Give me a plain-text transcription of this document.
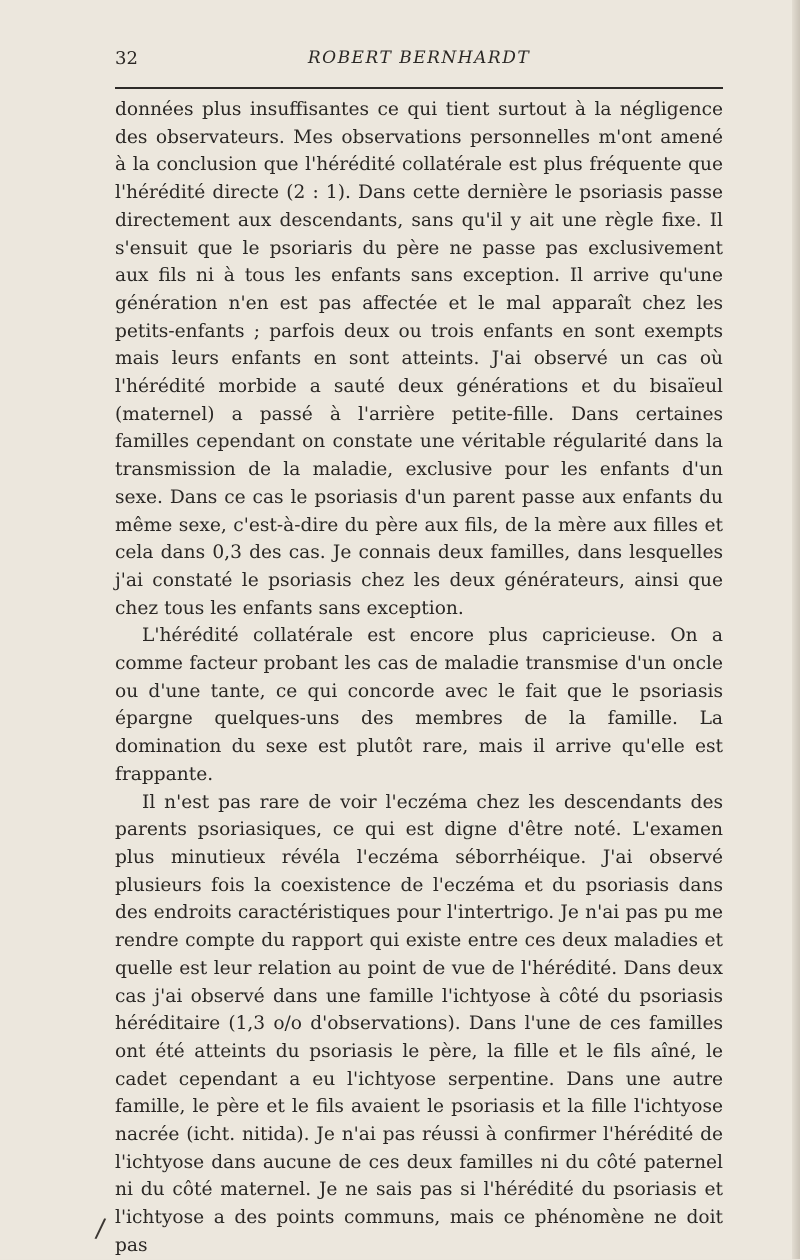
32	ROBERT BERNHARDT

données plus insuffisantes ce qui tient surtout à la négligence des observateurs. Mes observations personnelles m'ont amené à la conclusion que l'hérédité collatérale est plus fréquente que l'hérédité directe (2 : 1). Dans cette dernière le psoriasis passe directement aux descendants, sans qu'il y ait une règle fixe. Il s'ensuit que le psoriaris du père ne passe pas exclusivement aux fils ni à tous les enfants sans exception. Il arrive qu'une génération n'en est pas affectée et le mal apparaît chez les petits-enfants ; parfois deux ou trois enfants en sont exempts mais leurs enfants en sont atteints. J'ai observé un cas où l'hérédité morbide a sauté deux générations et du bisaïeul (maternel) a passé à l'arrière petite-fille. Dans certaines familles cependant on constate une véritable régularité dans la transmission de la maladie, exclusive pour les enfants d'un sexe. Dans ce cas le psoriasis d'un parent passe aux enfants du même sexe, c'est-à-dire du père aux fils, de la mère aux filles et cela dans 0,3 des cas. Je connais deux familles, dans lesquelles j'ai constaté le psoriasis chez les deux générateurs, ainsi que chez tous les enfants sans exception.

L'hérédité collatérale est encore plus capricieuse. On a comme facteur probant les cas de maladie transmise d'un oncle ou d'une tante, ce qui concorde avec le fait que le psoriasis épargne quelques-uns des membres de la famille. La domination du sexe est plutôt rare, mais il arrive qu'elle est frappante.

Il n'est pas rare de voir l'eczéma chez les descendants des parents psoriasiques, ce qui est digne d'être noté. L'examen plus minutieux révéla l'eczéma séborrhéique. J'ai observé plusieurs fois la coexistence de l'eczéma et du psoriasis dans des endroits caractéristiques pour l'intertrigo. Je n'ai pas pu me rendre compte du rapport qui existe entre ces deux maladies et quelle est leur relation au point de vue de l'hérédité. Dans deux cas j'ai observé dans une famille l'ichtyose à côté du psoriasis héréditaire (1,3 o/o d'observations). Dans l'une de ces familles ont été atteints du psoriasis le père, la fille et le fils aîné, le cadet cependant a eu l'ichtyose serpentine. Dans une autre famille, le père et le fils avaient le psoriasis et la fille l'ichtyose nacrée (icht. nitida). Je n'ai pas réussi à confirmer l'hérédité de l'ichtyose dans aucune de ces deux familles ni du côté paternel ni du côté maternel. Je ne sais pas si l'hérédité du psoriasis et l'ichtyose a des points communs, mais ce phénomène ne doit pas

/
